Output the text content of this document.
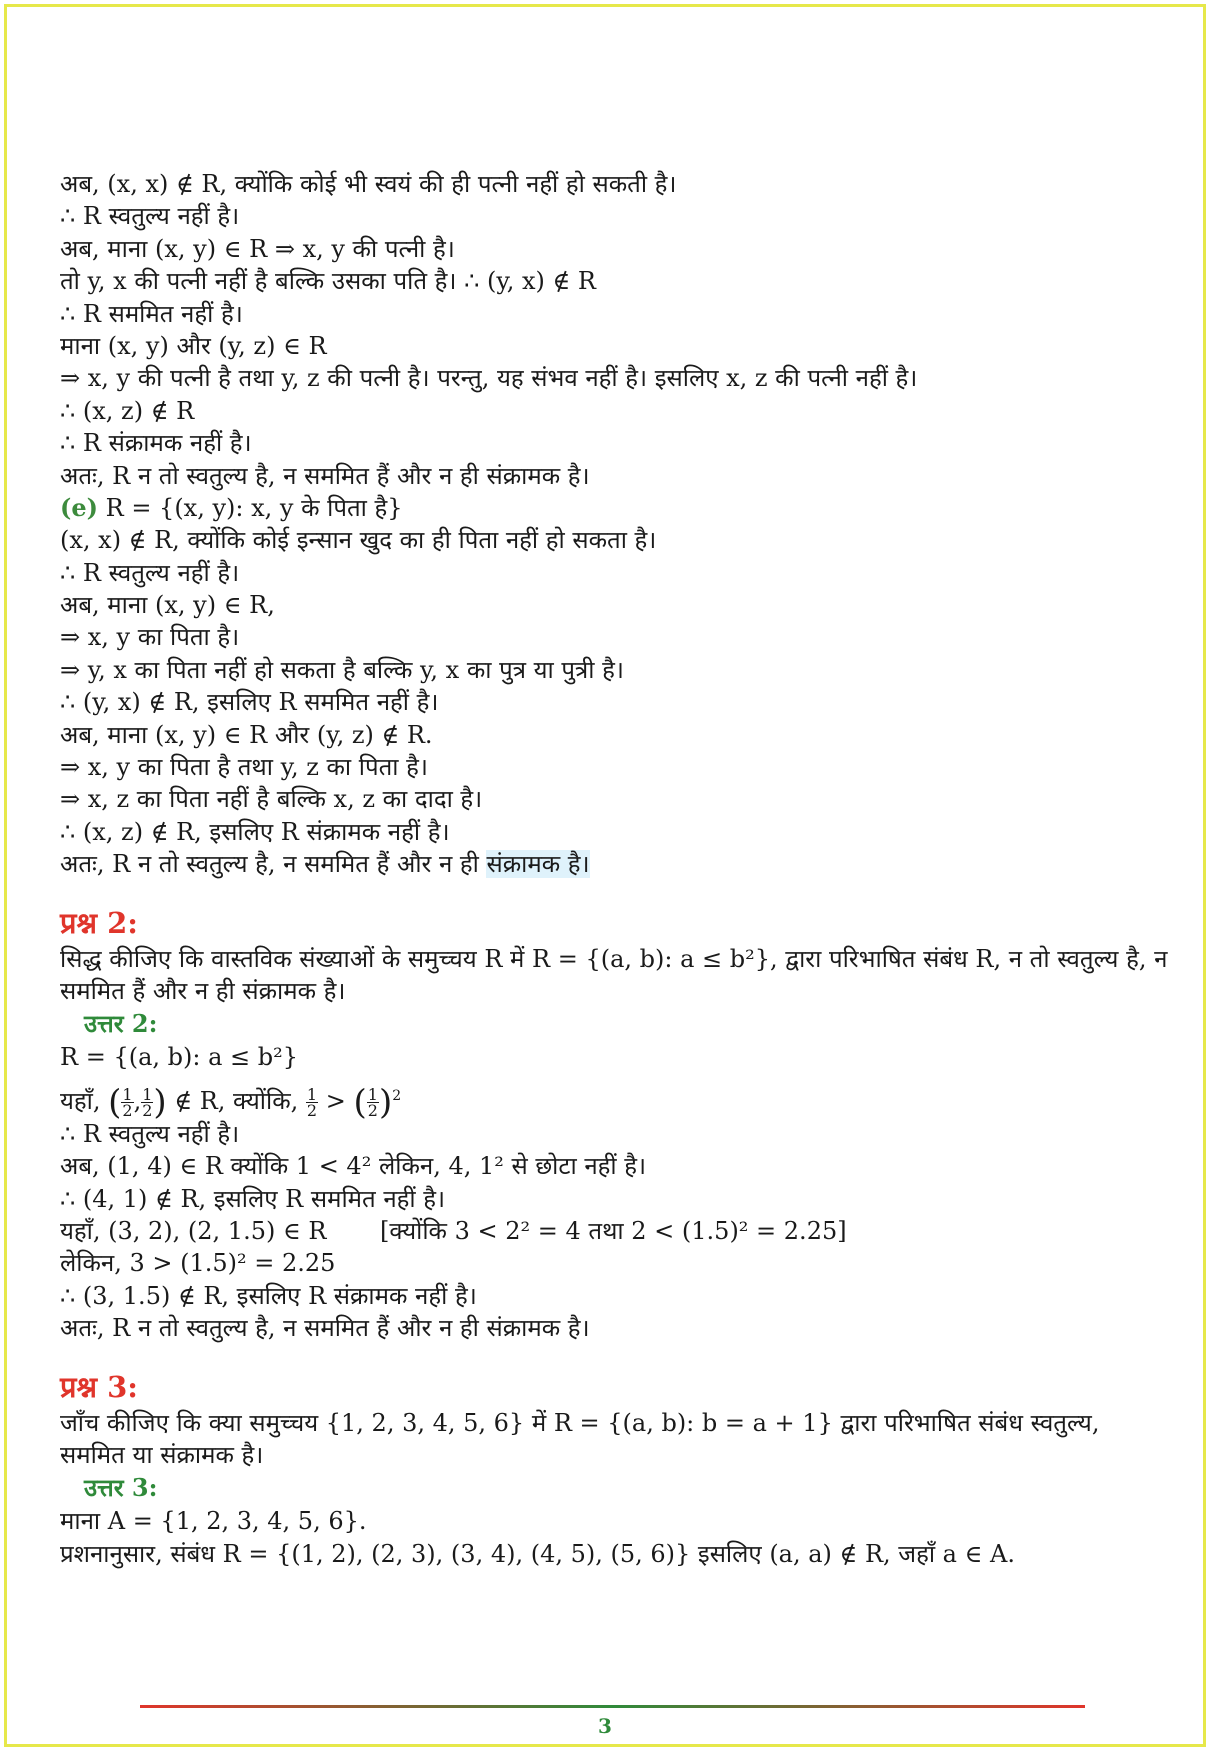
अब, (x, x) ∉ R, क्योंकि कोई भी स्वयं की ही पत्नी नहीं हो सकती है।
∴ R स्वतुल्य नहीं है।
अब, माना (x, y) ∈ R ⇒ x, y की पत्नी है।
तो y, x की पत्नी नहीं है बल्कि उसका पति है। ∴ (y, x) ∉ R
∴ R सममित नहीं है।
माना (x, y) और (y, z) ∈ R
⇒ x, y की पत्नी है तथा y, z की पत्नी है। परन्तु, यह संभव नहीं है। इसलिए x, z की पत्नी नहीं है।
∴ (x, z) ∉ R
∴ R संक्रामक नहीं है।
अतः, R न तो स्वतुल्य है, न सममित हैं और न ही संक्रामक है।
(e) R = {(x, y): x, y के पिता है}
(x, x) ∉ R, क्योंकि कोई इन्सान खुद का ही पिता नहीं हो सकता है।
∴ R स्वतुल्य नहीं है।
अब, माना (x, y) ∈ R,
⇒ x, y का पिता है।
⇒ y, x का पिता नहीं हो सकता है बल्कि y, x का पुत्र या पुत्री है।
∴ (y, x) ∉ R, इसलिए R सममित नहीं है।
अब, माना (x, y) ∈ R और (y, z) ∉ R.
⇒ x, y का पिता है तथा y, z का पिता है।
⇒ x, z का पिता नहीं है बल्कि x, z का दादा है।
∴ (x, z) ∉ R, इसलिए R संक्रामक नहीं है।
अतः, R न तो स्वतुल्य है, न सममित हैं और न ही संक्रामक है।
प्रश्न 2:
सिद्ध कीजिए कि वास्तविक संख्याओं के समुच्चय R में R = {(a, b): a ≤ b²}, द्वारा परिभाषित संबंध R, न तो स्वतुल्य है, न सममित हैं और न ही संक्रामक है।
उत्तर 2:
R = {(a, b): a ≤ b²}
यहाँ, ( $\frac{1}{2}$ , $\frac{1}{2}$ ) ∉ R, क्योंकि, $\frac{1}{2}$ > ( $\frac{1}{2} )^2$
∴ R स्वतुल्य नहीं है।
अब, (1, 4) ∈ R क्योंकि 1 < 4² लेकिन, 4, 1² से छोटा नहीं है।
∴ (4, 1) ∉ R, इसलिए R सममित नहीं है।
यहाँ, (3, 2), (2, 1.5) ∈ R [क्योंकि 3 < 2² = 4 तथा 2 < (1.5)² = 2.25]
लेकिन, 3 > (1.5)² = 2.25
∴ (3, 1.5) ∉ R, इसलिए R संक्रामक नहीं है।
अतः, R न तो स्वतुल्य है, न सममित हैं और न ही संक्रामक है।
प्रश्न 3:
जाँच कीजिए कि क्या समुच्चय {1, 2, 3, 4, 5, 6} में R = {(a, b): b = a + 1} द्वारा परिभाषित संबंध स्वतुल्य, सममित या संक्रामक है।
उत्तर 3:
माना A = {1, 2, 3, 4, 5, 6}.
प्रशनानुसार, संबंध R = {(1, 2), (2, 3), (3, 4), (4, 5), (5, 6)} इसलिए (a, a) ∉ R, जहाँ a ∈ A.
3
